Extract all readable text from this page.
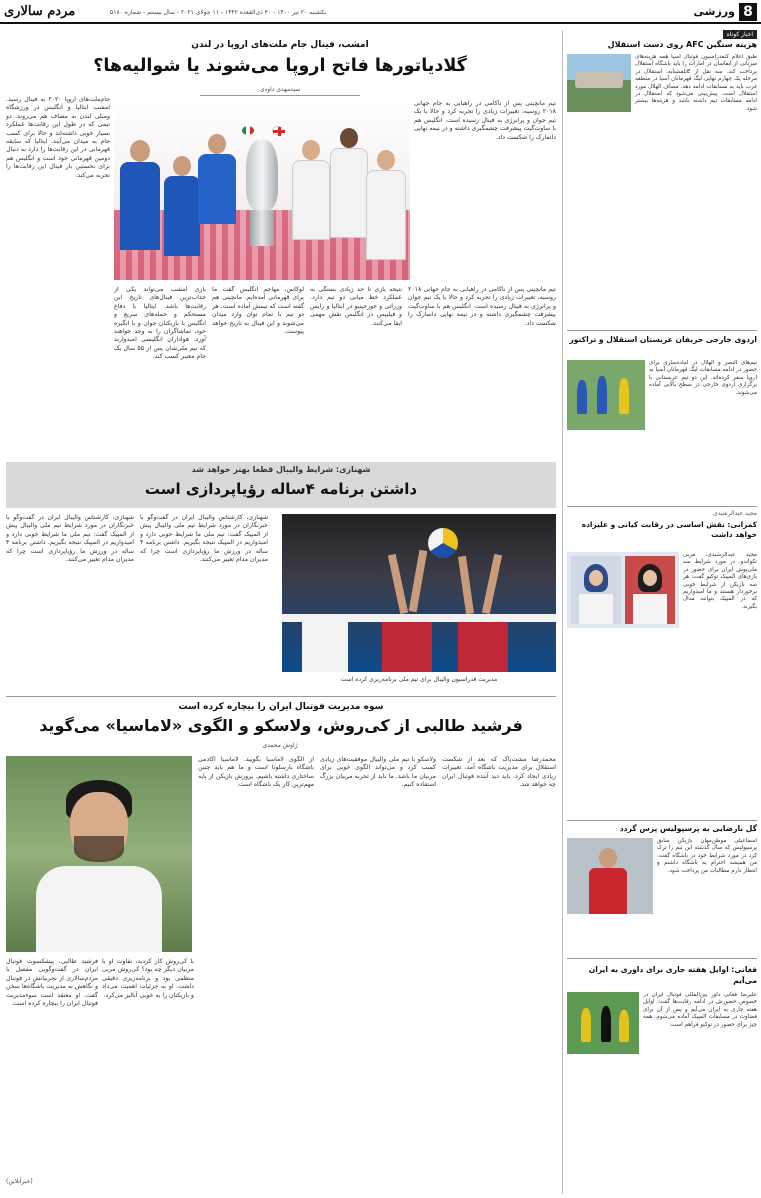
8
ورزشی
یکشنبه ۲۰ تیر ۱۴۰۰ - ۳۰ ذی‌القعده ۱۴۴۲ - ۱۱ جولای ۲۰۲۱ - سال بیستم - شماره ۵۱۸۰
مردم سالاری
اخبار کوتاه
هزینه سنگین AFC روی دست استقلال
طبق اعلام کنفدراسیون فوتبال آسیا همه هزینه‌های میزبانی از ایفاسان در امارات را باید باشگاه استقلال پرداخت کند. سه نقل از E‌تلقشنابه، استقلال در مرحله یک چهارم نهایی لیگ قهرمانان آسیا در منطقه غرب باید به مسابقات ادامه دهد. مصاف الهلال مورد استقلال است. پیش‌بینی می‌شود که استقلال در ادامه مسابقات تیم داشته باشد و هزینه‌ها بیشتر شود.
اردوی خارجی حریفان عربستان استقلال و تراکتور
تیم‌های النصر و الهلال در آماده‌سازی برای حضور در ادامه مسابقات لیگ قهرمانان آسیا به اروپا سفر کرده‌اند. این دو تیم عربستانی با برگزاری اردوی خارجی در سطح بالایی آماده می‌شوند.
مجید عبدالرشیدی
کمرانی: نقش اساسی در رقابت کیانی و علیزاده خواهد داشت
مجید عبدالرشیدی، مربی تکواندو، در مورد شرایط سه ملی‌پوش ایران برای حضور در بازی‌های المپیک توکیو گفت: هر سه بازیکن از شرایط خوبی برخوردار هستند و ما امیدواریم که در المپیک بتوانند مدال بگیرند.
گل نارضایی به پرسپولیس پرس گردد
اسماعیلی موطن‌مهان بازیکن سابق پرسپولیس که سال گذشته این تیم را ترک کرد در مورد شرایط خود در باشگاه گفت: من همیشه احترام به باشگاه داشتم و انتظار دارم مطالبات من پرداخت شود.
فغانی: اوایل هفته جاری برای داوری به ایران می‌آیم
علیرضا فغانی داور بین‌المللی فوتبال ایران در خصوص حضورش در ادامه رقابت‌ها گفت: اوایل هفته جاری به ایران می‌آیم و پس از آن برای قضاوت در مسابقات المپیک آماده می‌شوم. همه چیز برای حضور در توکیو فراهم است.
امشب، فینال جام ملت‌های اروپا در لندن
گلادیاتورها فاتح اروپا می‌شوند یا شوالیه‌ها؟
سیدمهدی داودی
جام‌ملت‌های اروپا ۲۰۲۰ به فینال رسید. امشب ایتالیا و انگلیس در ورزشگاه ومبلی لندن به مصاف هم می‌روند. دو تیمی که در طول این رقابت‌ها عملکرد بسیار خوبی داشته‌اند و حالا برای کسب جام به میدان می‌آیند. ایتالیا که سابقه قهرمانی در این رقابت‌ها را دارد به دنبال دومین قهرمانی خود است و انگلیس هم برای نخستین بار فینال این رقابت‌ها را تجربه می‌کند.
تیم مانچینی پس از ناکامی در راهیابی به جام جهانی ۲۰۱۸ روسیه، تغییرات زیادی را تجربه کرد و حالا با یک تیم جوان و پرانرژی به فینال رسیده است. انگلیس هم با ساوت‌گیت پیشرفت چشمگیری داشته و در نیمه نهایی دانمارک را شکست داد.
بازی امشب می‌تواند یکی از جذاب‌ترین فینال‌های تاریخ این رقابت‌ها باشد. ایتالیا با دفاع مستحکم و حمله‌های سریع و انگلیس با بازیکنان جوان و با انگیزه خود، تماشاگران را به وجد خواهند آورد. هواداران انگلیسی امیدوارند که تیم ملی‌شان پس از ۵۵ سال یک جام معتبر کسب کند.
لوکاس، مهاجم انگلیس گفت ما برای قهرمانی آمده‌ایم. مانچینی هم گفته است که تیمش آماده است. هر دو تیم با تمام توان وارد میدان می‌شوند و این فینال به تاریخ خواهد پیوست.
نتیجه بازی تا حد زیادی بستگی به عملکرد خط میانی دو تیم دارد. ورراتی و جورجینیو در ایتالیا و رایس و فیلیپس در انگلیس نقش مهمی ایفا می‌کنند.
تیم مانچینی پس از ناکامی در راهیابی به جام جهانی ۲۰۱۸ روسیه، تغییرات زیادی را تجربه کرد و حالا با یک تیم جوان و پرانرژی به فینال رسیده است. انگلیس هم با ساوت‌گیت پیشرفت چشمگیری داشته و در نیمه نهایی دانمارک را شکست داد.
شهنازی: شرایط والیبال قطعا بهتر خواهد شد
داشتن برنامه ۴ساله رؤیاپردازی است
شهنازی، کارشناس والیبال ایران در گفت‌وگو با خبرنگاران در مورد شرایط تیم ملی والیبال پیش از المپیک گفت: تیم ملی ما شرایط خوبی دارد و امیدواریم در المپیک نتیجه بگیریم. داشتن برنامه ۴ ساله در ورزش ما رؤیاپردازی است چرا که مدیران مدام تغییر می‌کنند.
شهنازی، کارشناس والیبال ایران در گفت‌وگو با خبرنگاران در مورد شرایط تیم ملی والیبال پیش از المپیک گفت: تیم ملی ما شرایط خوبی دارد و امیدواریم در المپیک نتیجه بگیریم. داشتن برنامه ۴ ساله در ورزش ما رؤیاپردازی است چرا که مدیران مدام تغییر می‌کنند.
مدیریت فدراسیون والیبال برای تیم ملی برنامه‌ریزی کرده است
سوه مدیریت فوتبال ایران را بیچاره کرده است
فرشید طالبی از کی‌روش، ولاسکو و الگوی «لاماسیا» می‌گوید
ژاوش محمدی
فرشید طالبی، پیشکسوت فوتبال ایران در گفت‌وگویی مفصل با مردم‌سالاری از تجربیاتش در فوتبال و نگاهش به مدیریت باشگاه‌ها سخن گفت. او معتقد است سوءمدیریت فوتبال ایران را بیچاره کرده است.
با کی‌روش کار کردید، تفاوت او با مربیان دیگر چه بود؟ کی‌روش مربی منظمی بود و برنامه‌ریزی دقیقی داشت. او به جزئیات اهمیت می‌داد و بازیکنان را به خوبی آنالیز می‌کرد.
از الگوی لاماسیا بگویید. لاماسیا آکادمی باشگاه بارسلونا است و ما هم باید چنین ساختاری داشته باشیم. پرورش بازیکن از پایه مهم‌ترین کار یک باشگاه است.
ولاسکو با تیم ملی والیبال موفقیت‌های زیادی کسب کرد و می‌تواند الگوی خوبی برای مربیان ما باشد. ما باید از تجربه مربیان بزرگ استفاده کنیم.
محمدرضا مشت‌پاک که بعد از شکست استقلال برای مدیریت باشگاه آمد، تغییرات زیادی ایجاد کرد. باید دید آینده فوتبال ایران چه خواهد شد.
(خبرآنلاین)
